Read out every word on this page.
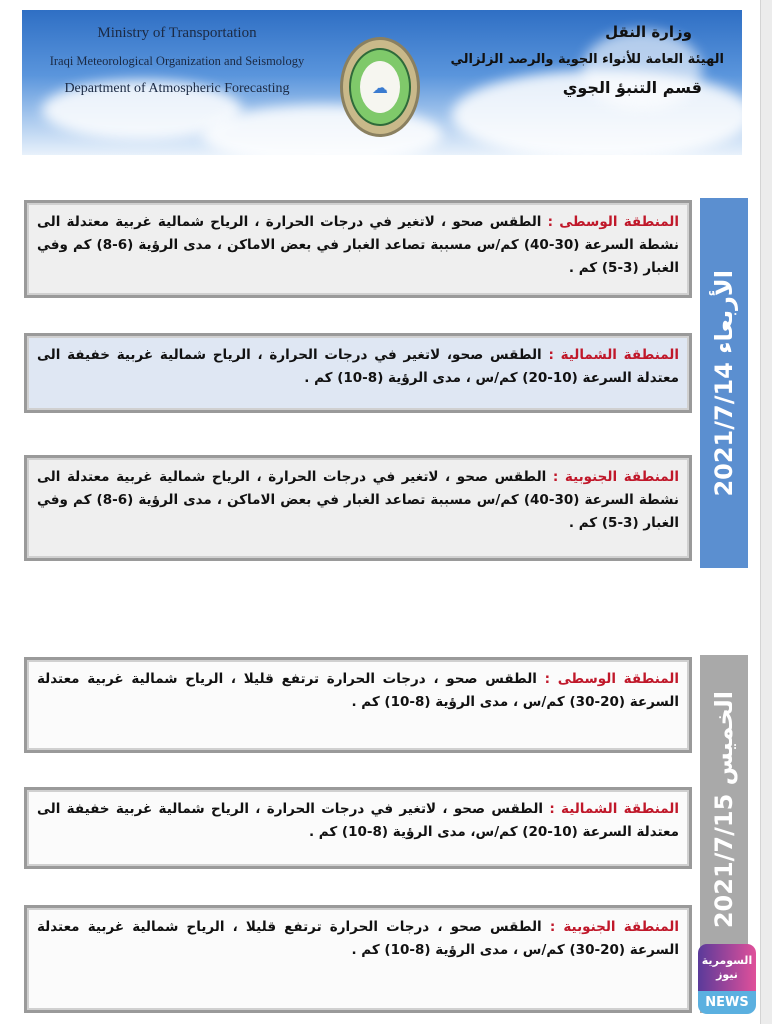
Ministry of Transportation
Iraqi Meteorological Organization and Seismology
Department of Atmospheric Forecasting	☁
وزارة النقل
الهيئة العامة للأنواء الجوية والرصد الزلزالي
قسم التنبؤ الجوي
الأربعاء 2021/7/14
المنطقة الوسطى : الطقس صحو ، لاتغير في درجات الحرارة ، الرياح شمالية غربية معتدلة الى نشطة السرعة (30-40) كم/س مسببة تصاعد الغبار في بعض الاماكن ، مدى الرؤية (6-8) كم وفي الغبار (3-5) كم .
المنطقة الشمالية : الطقس صحو، لاتغير في درجات الحرارة ، الرياح شمالية غربية خفيفة الى معتدلة السرعة (10-20) كم/س ، مدى الرؤية (8-10) كم .
المنطقة الجنوبية : الطقس صحو ، لاتغير في درجات الحرارة ، الرياح شمالية غربية معتدلة الى نشطة السرعة (30-40) كم/س مسببة تصاعد الغبار في بعض الاماكن ، مدى الرؤية (6-8) كم وفي الغبار (3-5) كم .
الخميس 2021/7/15
المنطقة الوسطى : الطقس صحو ، درجات الحرارة ترتفع قليلا ، الرياح شمالية غربية معتدلة السرعة (20-30) كم/س ، مدى الرؤية (8-10) كم .
المنطقة الشمالية : الطقس صحو ، لاتغير في درجات الحرارة ، الرياح شمالية غربية خفيفة الى معتدلة السرعة (10-20) كم/س، مدى الرؤية (8-10) كم .
المنطقة الجنوبية : الطقس صحو ، درجات الحرارة ترتفع قليلا ، الرياح شمالية غربية معتدلة السرعة (20-30) كم/س ، مدى الرؤية (8-10) كم .
السومرية نيوز
NEWS
